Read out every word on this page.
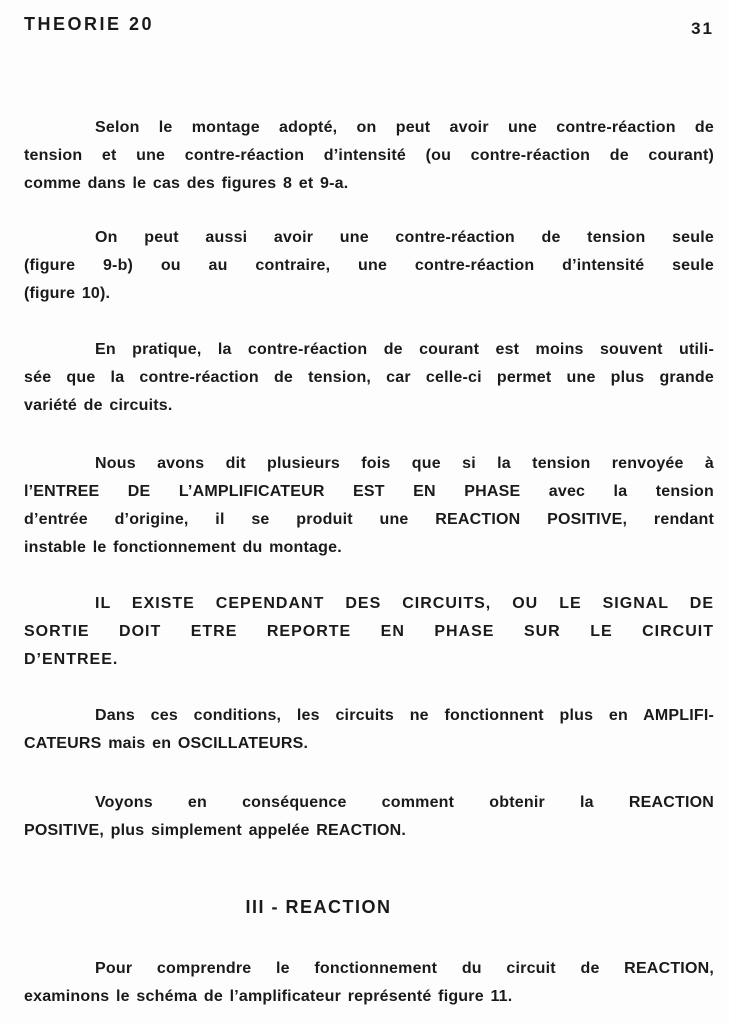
THEORIE 20	31
Selon le montage adopté, on peut avoir une contre-réaction de
tension et une contre-réaction d’intensité (ou contre-réaction de courant)
comme dans le cas des figures 8 et 9-a.
On peut aussi avoir une contre-réaction de tension seule
(figure 9-b) ou au contraire, une contre-réaction d’intensité seule
(figure 10).
En pratique, la contre-réaction de courant est moins souvent utili-
sée que la contre-réaction de tension, car celle-ci permet une plus grande
variété de circuits.
Nous avons dit plusieurs fois que si la tension renvoyée à
l’ENTREE DE L’AMPLIFICATEUR EST EN PHASE avec la tension
d’entrée d’origine, il se produit une REACTION POSITIVE, rendant
instable le fonctionnement du montage.
IL EXISTE CEPENDANT DES CIRCUITS, OU LE SIGNAL DE
SORTIE DOIT ETRE REPORTE EN PHASE SUR LE CIRCUIT
D’ENTREE.
Dans ces conditions, les circuits ne fonctionnent plus en AMPLIFI-
CATEURS mais en OSCILLATEURS.
Voyons en conséquence comment obtenir la REACTION
POSITIVE, plus simplement appelée REACTION.
III - REACTION
Pour comprendre le fonctionnement du circuit de REACTION,
examinons le schéma de l’amplificateur représenté figure 11.
